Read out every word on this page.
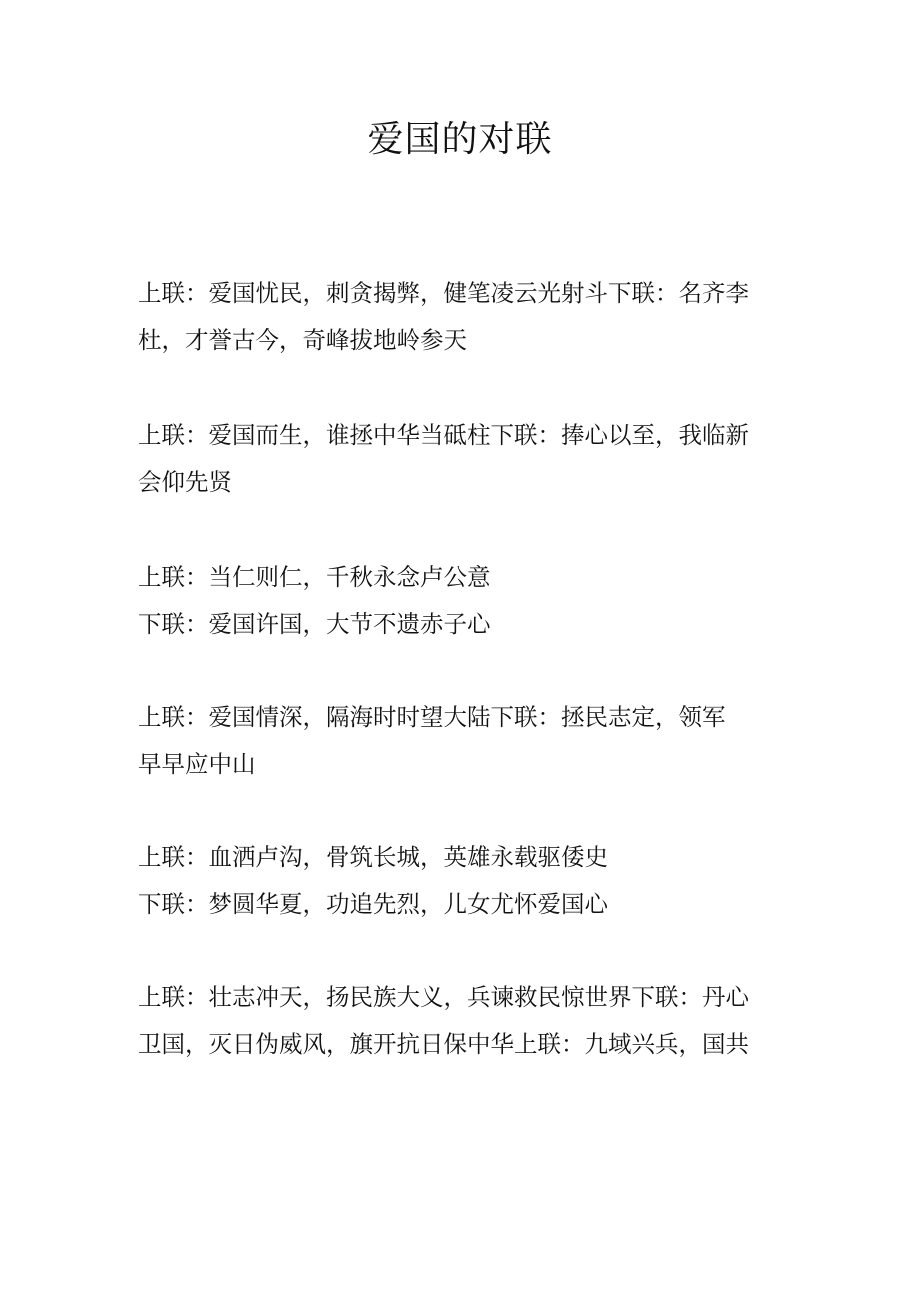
爱国的对联
上联：爱国忧民，刺贪揭弊，健笔凌云光射斗下联：名齐李
杜，才誉古今，奇峰拔地岭参天
上联：爱国而生，谁拯中华当砥柱下联：捧心以至，我临新
会仰先贤
上联：当仁则仁，千秋永念卢公意
下联：爱国许国，大节不遗赤子心
上联：爱国情深，隔海时时望大陆下联：拯民志定，领军
早早应中山
上联：血洒卢沟，骨筑长城，英雄永载驱倭史
下联：梦圆华夏，功追先烈，儿女尤怀爱国心
上联：壮志冲天，扬民族大义，兵谏救民惊世界下联：丹心
卫国，灭日伪威风，旗开抗日保中华上联：九域兴兵，国共
